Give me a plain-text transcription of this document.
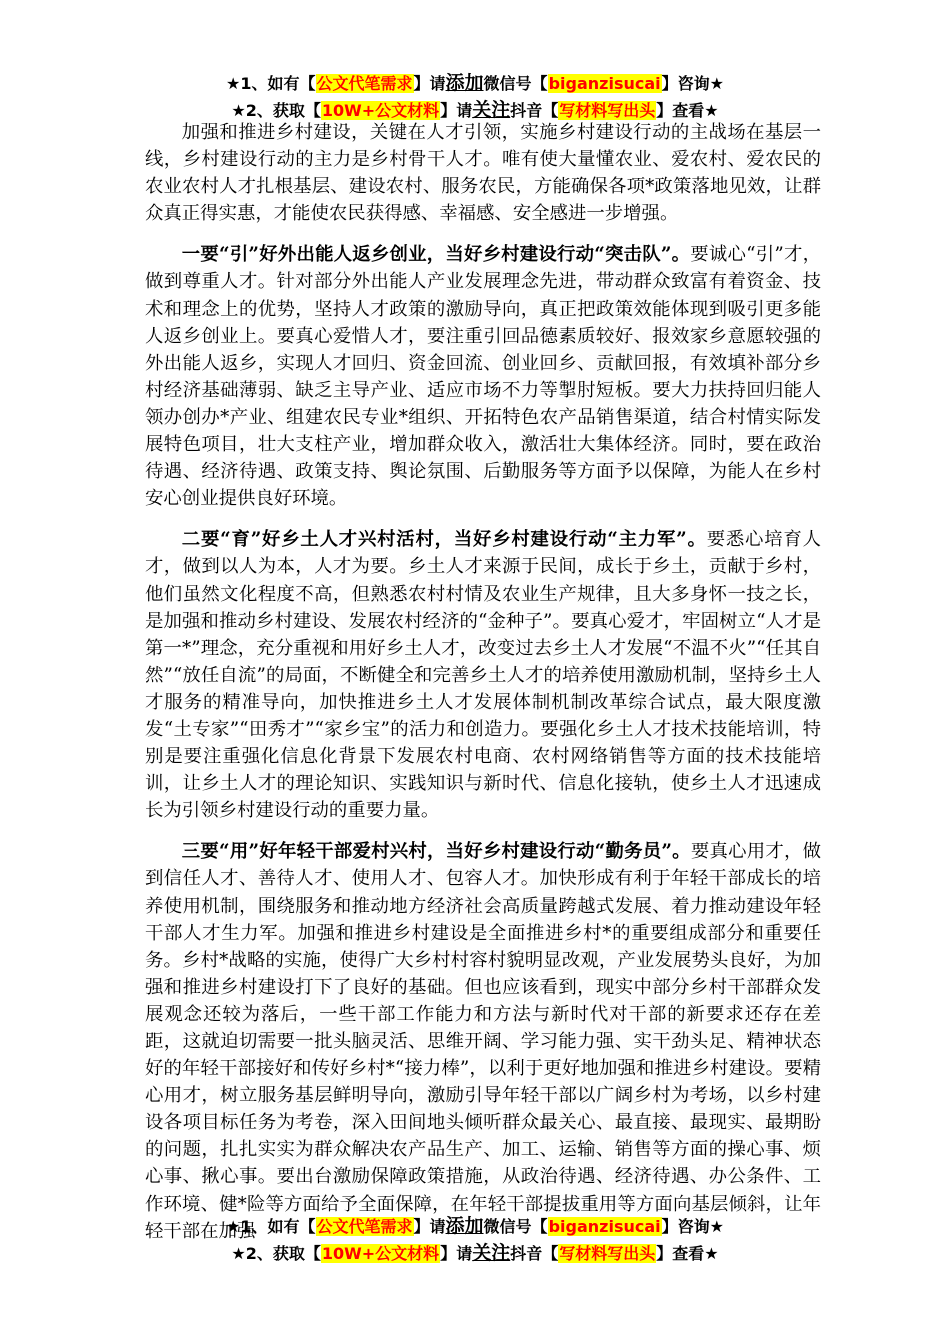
★1、如有【公文代笔需求】请添加微信号【biganzisucai】咨询★
★2、获取【10W+公文材料】请关注抖音【写材料写出头】查看★

加强和推进乡村建设，关键在人才引领，实施乡村建设行动的主战场在基层一线，乡村建设行动的主力是乡村骨干人才。唯有使大量懂农业、爱农村、爱农民的农业农村人才扎根基层、建设农村、服务农民，方能确保各项*政策落地见效，让群众真正得实惠，才能使农民获得感、幸福感、安全感进一步增强。

一要“引”好外出能人返乡创业，当好乡村建设行动“突击队”。要诚心“引”才，做到尊重人才。针对部分外出能人产业发展理念先进，带动群众致富有着资金、技术和理念上的优势，坚持人才政策的激励导向，真正把政策效能体现到吸引更多能人返乡创业上。要真心爱惜人才，要注重引回品德素质较好、报效家乡意愿较强的外出能人返乡，实现人才回归、资金回流、创业回乡、贡献回报，有效填补部分乡村经济基础薄弱、缺乏主导产业、适应市场不力等掣肘短板。要大力扶持回归能人领办创办*产业、组建农民专业*组织、开拓特色农产品销售渠道，结合村情实际发展特色项目，壮大支柱产业，增加群众收入，激活壮大集体经济。同时，要在政治待遇、经济待遇、政策支持、舆论氛围、后勤服务等方面予以保障，为能人在乡村安心创业提供良好环境。

二要“育”好乡土人才兴村活村，当好乡村建设行动“主力军”。要悉心培育人才，做到以人为本，人才为要。乡土人才来源于民间，成长于乡土，贡献于乡村，他们虽然文化程度不高，但熟悉农村村情及农业生产规律，且大多身怀一技之长，是加强和推动乡村建设、发展农村经济的“金种子”。要真心爱才，牢固树立“人才是第一*”理念，充分重视和用好乡土人才，改变过去乡土人才发展“不温不火”“任其自然”“放任自流”的局面，不断健全和完善乡土人才的培养使用激励机制，坚持乡土人才服务的精准导向，加快推进乡土人才发展体制机制改革综合试点，最大限度激发“土专家”“田秀才”“家乡宝”的活力和创造力。要强化乡土人才技术技能培训，特别是要注重强化信息化背景下发展农村电商、农村网络销售等方面的技术技能培训，让乡土人才的理论知识、实践知识与新时代、信息化接轨，使乡土人才迅速成长为引领乡村建设行动的重要力量。

三要“用”好年轻干部爱村兴村，当好乡村建设行动“勤务员”。要真心用才，做到信任人才、善待人才、使用人才、包容人才。加快形成有利于年轻干部成长的培养使用机制，围绕服务和推动地方经济社会高质量跨越式发展、着力推动建设年轻干部人才生力军。加强和推进乡村建设是全面推进乡村*的重要组成部分和重要任务。乡村*战略的实施，使得广大乡村村容村貌明显改观，产业发展势头良好，为加强和推进乡村建设打下了良好的基础。但也应该看到，现实中部分乡村干部群众发展观念还较为落后，一些干部工作能力和方法与新时代对干部的新要求还存在差距，这就迫切需要一批头脑灵活、思维开阔、学习能力强、实干劲头足、精神状态好的年轻干部接好和传好乡村*“接力棒”，以利于更好地加强和推进乡村建设。要精心用才，树立服务基层鲜明导向，激励引导年轻干部以广阔乡村为考场，以乡村建设各项目标任务为考卷，深入田间地头倾听群众最关心、最直接、最现实、最期盼的问题，扎扎实实为群众解决农产品生产、加工、运输、销售等方面的操心事、烦心事、揪心事。要出台激励保障政策措施，从政治待遇、经济待遇、办公条件、工作环境、健*险等方面给予全面保障，在年轻干部提拔重用等方面向基层倾斜，让年轻干部在加强

★1、如有【公文代笔需求】请添加微信号【biganzisucai】咨询★
★2、获取【10W+公文材料】请关注抖音【写材料写出头】查看★
